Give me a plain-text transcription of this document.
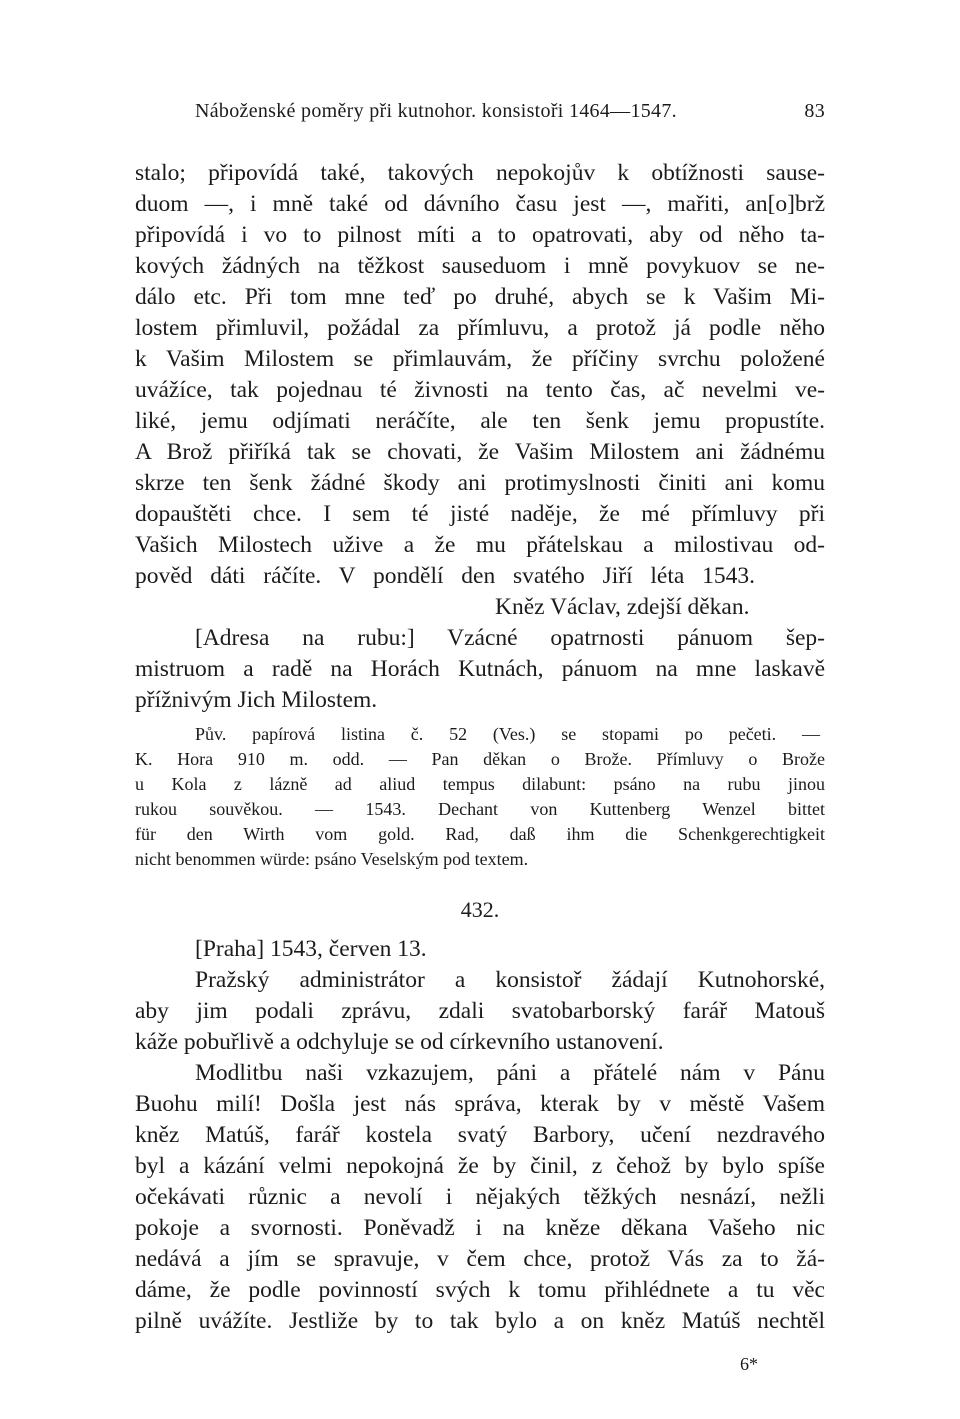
Náboženské poměry při kutnohor. konsistoři 1464—1547.	83
stalo; připovídá také, takových nepokojův k obtížnosti sause-
duom —, i mně také od dávního času jest —, mařiti, an[o]brž
připovídá i vo to pilnost míti a to opatrovati, aby od něho ta-
kových žádných na těžkost sauseduom i mně povykuov se ne-
dálo etc. Při tom mne teď po druhé, abych se k Vašim Mi-
lostem přimluvil, požádal za přímluvu, a protož já podle něho
k Vašim Milostem se přimlauvám, že příčiny svrchu položené
uvážíce, tak pojednau té živnosti na tento čas, ač nevelmi ve-
liké, jemu odjímati neráčíte, ale ten šenk jemu propustíte.
A Brož přiříká tak se chovati, že Vašim Milostem ani žádnému
skrze ten šenk žádné škody ani protimyslnosti činiti ani komu
dopauštěti chce. I sem té jisté naděje, že mé přímluvy při
Vašich Milostech uživе a že mu přátelskau a milostivau od-
pověd dáti ráčíte. V pondělí den svatého Jiří léta 1543.
Kněz Václav, zdejší děkan.
[Adresa na rubu:] Vzácné opatrnosti pánuom šep-
mistruom a radě na Horách Kutnách, pánuom na mne laskavě
přížnivým Jich Milostem.
Pův. papírová listina č. 52 (Ves.) se stopami po pečeti. —
K. Hora 910 m. odd. — Pan děkan o Brože. Přímluvy o Brože
u Kola z lázně ad aliud tempus dilabunt: psáno na rubu jinou
rukou souvěkou. — 1543. Dechant von Kuttenberg Wenzel bittet
für den Wirth vom gold. Rad, daß ihm die Schenkgerechtigkeit
nicht benommen würde: psáno Veselským pod textem.
432.
[Praha] 1543, červen 13.
Pražský administrátor a konsistoř žádají Kutnohorské,
aby jim podali zprávu, zdali svatobarborský farář Matouš
káže pobuřlivě a odchyluje se od církevního ustanovení.
Modlitbu naši vzkazujem, páni a přátelé nám v Pánu
Buohu milí! Došla jest nás správa, kterak by v městě Vašem
kněz Matúš, farář kostela svatý Barbory, učení nezdravého
byl a kázání velmi nepokojná že by činil, z čehož by bylo spíše
očekávati různic a nevolí i nějakých těžkých nesnází, nežli
pokoje a svornosti. Poněvadž i na kněze děkana Vašeho nic
nedává a jím se spravuje, v čem chce, protož Vás za to žá-
dáme, že podle povinností svých k tomu přihlédnete a tu věc
pilně uvážíte. Jestliže by to tak bylo a on kněz Matúš nechtěl
6*
